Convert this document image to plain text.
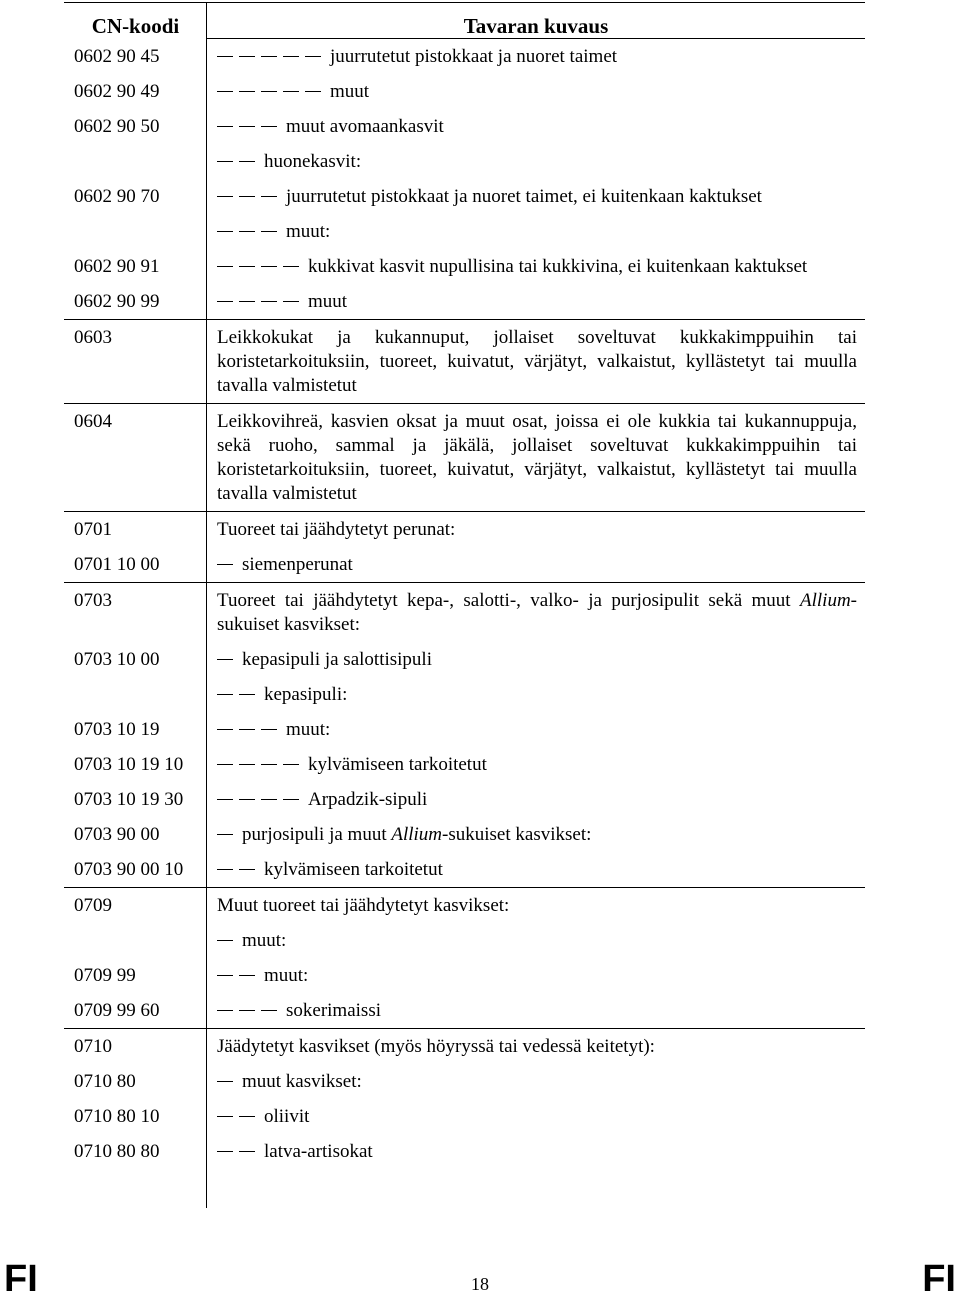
CN-koodi	Tavaran kuvaus
0602 90 45	juurrutetut pistokkaat ja nuoret taimet
0602 90 49	muut
0602 90 50	muut avomaankasvit
huonekasvit:
0602 90 70	juurrutetut pistokkaat ja nuoret taimet, ei kuitenkaan kaktukset
muut:
0602 90 91	kukkivat kasvit nupullisina tai kukkivina, ei kuitenkaan kaktukset
0602 90 99	muut
0603	Leikkokukat ja kukannuput, jollaiset soveltuvat kukkakimppuihin tai koristetarkoituksiin, tuoreet, kuivatut, värjätyt, valkaistut, kyllästetyt tai muulla tavalla valmistetut
0604	Leikkovihreä, kasvien oksat ja muut osat, joissa ei ole kukkia tai kukannuppuja, sekä ruoho, sammal ja jäkälä, jollaiset soveltuvat kukkakimppuihin tai koristetarkoituksiin, tuoreet, kuivatut, värjätyt, valkaistut, kyllästetyt tai muulla tavalla valmistetut
0701	Tuoreet tai jäähdytetyt perunat:
0701 10 00	siemenperunat
0703	Tuoreet tai jäähdytetyt kepa-, salotti-, valko- ja purjosipulit sekä muut Allium-sukuiset kasvikset:
0703 10 00	kepasipuli ja salottisipuli
kepasipuli:
0703 10 19	muut:
0703 10 19 10	kylvämiseen tarkoitetut
0703 10 19 30	Arpadzik-sipuli
0703 90 00	purjosipuli ja muut Allium-sukuiset kasvikset:
0703 90 00 10	kylvämiseen tarkoitetut
0709	Muut tuoreet tai jäähdytetyt kasvikset:
muut:
0709 99	muut:
0709 99 60	sokerimaissi
0710	Jäädytetyt kasvikset (myös höyryssä tai vedessä keitetyt):
0710 80	muut kasvikset:
0710 80 10	oliivit
0710 80 80	latva-artisokat
FI	18	FI
